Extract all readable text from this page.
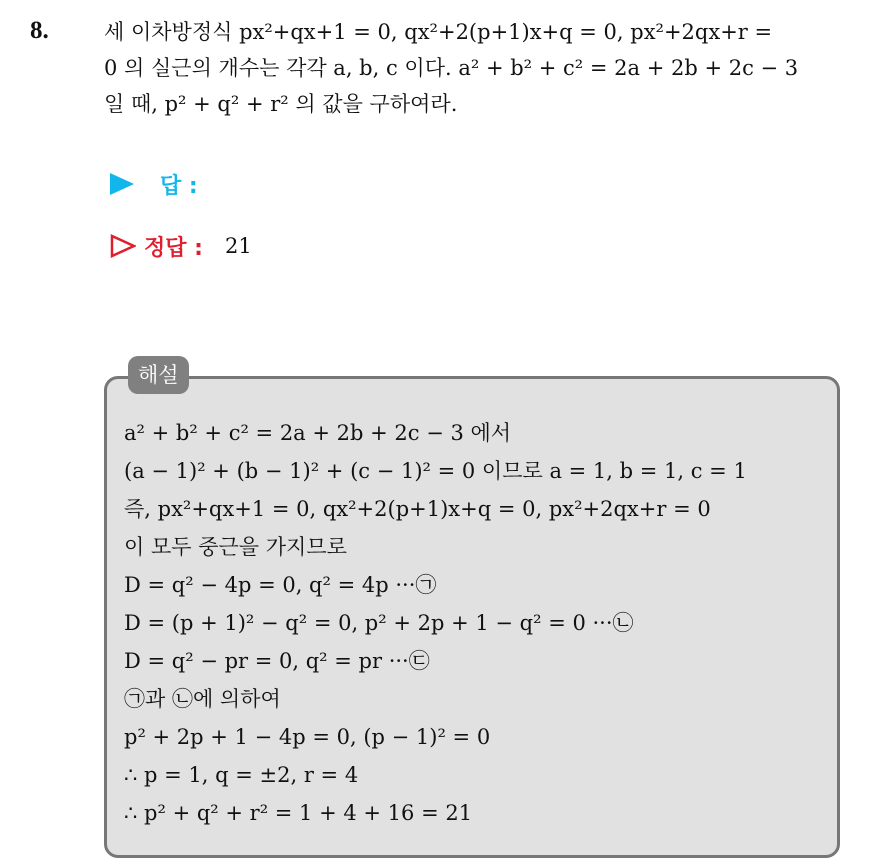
8.	세 이차방정식 px²+qx+1 = 0, qx²+2(p+1)x+q = 0, px²+2qx+r =
0 의 실근의 개수는 각각 a, b, c 이다. a² + b² + c² = 2a + 2b + 2c − 3
일 때, p² + q² + r² 의 값을 구하여라.
답 :
정답 : 21
해설
a² + b² + c² = 2a + 2b + 2c − 3 에서
(a − 1)² + (b − 1)² + (c − 1)² = 0 이므로 a = 1, b = 1, c = 1
즉, px²+qx+1 = 0, qx²+2(p+1)x+q = 0, px²+2qx+r = 0
이 모두 중근을 가지므로
D = q² − 4p = 0, q² = 4p ···㉠
D = (p + 1)² − q² = 0, p² + 2p + 1 − q² = 0 ···㉡
D = q² − pr = 0, q² = pr ···㉢
㉠과 ㉡에 의하여
p² + 2p + 1 − 4p = 0, (p − 1)² = 0
∴ p = 1, q = ±2, r = 4
∴ p² + q² + r² = 1 + 4 + 16 = 21
